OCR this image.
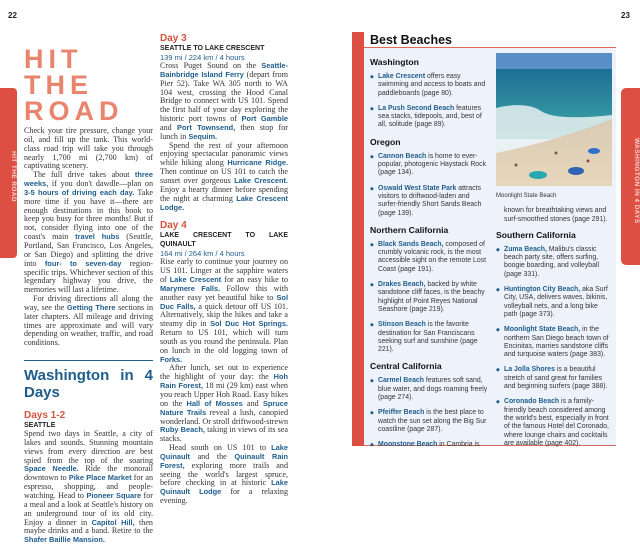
22	23
HIT THE ROAD	WASHINGTON IN 4 DAYS
HIT THE ROAD

Check your tire pressure, change your oil, and fill up the tank. This world-class road trip will take you through nearly 1,700 mi (2,700 km) of captivating scenery.

The full drive takes about three weeks, if you don't dawdle—plan on 3-5 hours of driving each day. Take more time if you have it—there are enough destinations in this book to keep you busy for three months! But if not, consider flying into one of the coast's main travel hubs (Seattle, Portland, San Francisco, Los Angeles, or San Diego) and splitting the drive into four- to seven-day region-specific trips. Whichever section of this legendary highway you drive, the memories will last a lifetime.

For driving directions all along the way, see the Getting There sections in later chapters. All mileage and driving times are approximate and will vary depending on weather, traffic, and road conditions.

Washington in 4 Days
Days 1-2
SEATTLE

Spend two days in Seattle, a city of lakes and sounds. Stunning mountain views from every direction are best spied from the top of the soaring Space Needle. Ride the monorail downtown to Pike Place Market for an espresso, shopping, and people-watching. Head to Pioneer Square for a meal and a look at Seattle's history on an underground tour of its old city. Enjoy a dinner in Capitol Hill, then maybe drinks and a band. Retire to the Shafer Baillie Mansion.

Day 3
SEATTLE TO LAKE CRESCENT
139 mi / 224 km / 4 hours

Cross Puget Sound on the Seattle-Bainbridge Island Ferry (depart from Pier 52). Take WA 305 north to WA 104 west, crossing the Hood Canal Bridge to connect with US 101. Spend the first half of your day exploring the historic port towns of Port Gamble and Port Townsend, then stop for lunch in Sequim.

Spend the rest of your afternoon enjoying spectacular panoramic views while hiking along Hurricane Ridge. Then continue on US 101 to catch the sunset over gorgeous Lake Crescent. Enjoy a hearty dinner before spending the night at charming Lake Crescent Lodge.

Day 4
LAKE CRESCENT TO LAKE QUINAULT
164 mi / 264 km / 4 hours

Rise early to continue your journey on US 101. Linger at the sapphire waters of Lake Crescent for an easy hike to Marymere Falls. Follow this with another easy yet beautiful hike to Sol Duc Falls, a quick detour off US 101. Alternatively, skip the hikes and take a steamy dip in Sol Duc Hot Springs. Return to US 101, which will turn south as you round the peninsula. Plan on lunch in the old logging town of Forks.

After lunch, set out to experience the highlight of your day: the Hoh Rain Forest, 18 mi (29 km) east when you reach Upper Hoh Road. Easy hikes on the Hall of Mosses and Spruce Nature Trails reveal a lush, canopied wonderland. Or stroll driftwood-strewn Ruby Beach, taking in views of its sea stacks.

Head south on US 101 to Lake Quinault and the Quinault Rain Forest, exploring more trails and seeing the world's largest spruce, before checking in at historic Lake Quinault Lodge for a relaxing evening.

Best Beaches
Washington
◆ Lake Crescent offers easy swimming and access to boats and paddleboards (page 80).
◆ La Push Second Beach features sea stacks, tidepools, and, best of all, solitude (page 89).
Oregon
◆ Cannon Beach is home to ever-popular, photogenic Haystack Rock (page 134).
◆ Oswald West State Park attracts visitors to driftwood-laden and surfer-friendly Short Sands Beach (page 139).
Northern California
◆ Black Sands Beach, composed of crumbly volcanic rock, is the most accessible sight on the remote Lost Coast (page 191).
◆ Drakes Beach, backed by white sandstone cliff faces, is the beachy highlight of Point Reyes National Seashore (page 219).
◆ Stinson Beach is the favorite destination for San Franciscans seeking surf and sunshine (page 221).
Central California
◆ Carmel Beach features soft sand, blue water, and dogs roaming freely (page 274).
◆ Pfeiffer Beach is the best place to watch the sun set along the Big Sur coastline (page 287).
◆ Moonstone Beach in Cambria is
Moonlight State Beach
known for breathtaking views and surf-smoothed stones (page 291).
Southern California
◆ Zuma Beach, Malibu's classic beach party site, offers surfing, boogie boarding, and volleyball (page 331).
◆ Huntington City Beach, aka Surf City, USA, delivers waves, bikinis, volleyball nets, and a long bike path (page 373).
◆ Moonlight State Beach, in the northern San Diego beach town of Encinitas, marries sandstone cliffs and turquoise waters (page 383).
◆ La Jolla Shores is a beautiful stretch of sand great for families and beginning surfers (page 388).
◆ Coronado Beach is a family-friendly beach considered among the world's best, especially in front of the famous Hotel del Coronado, where lounge chairs and cocktails are available (page 402).
